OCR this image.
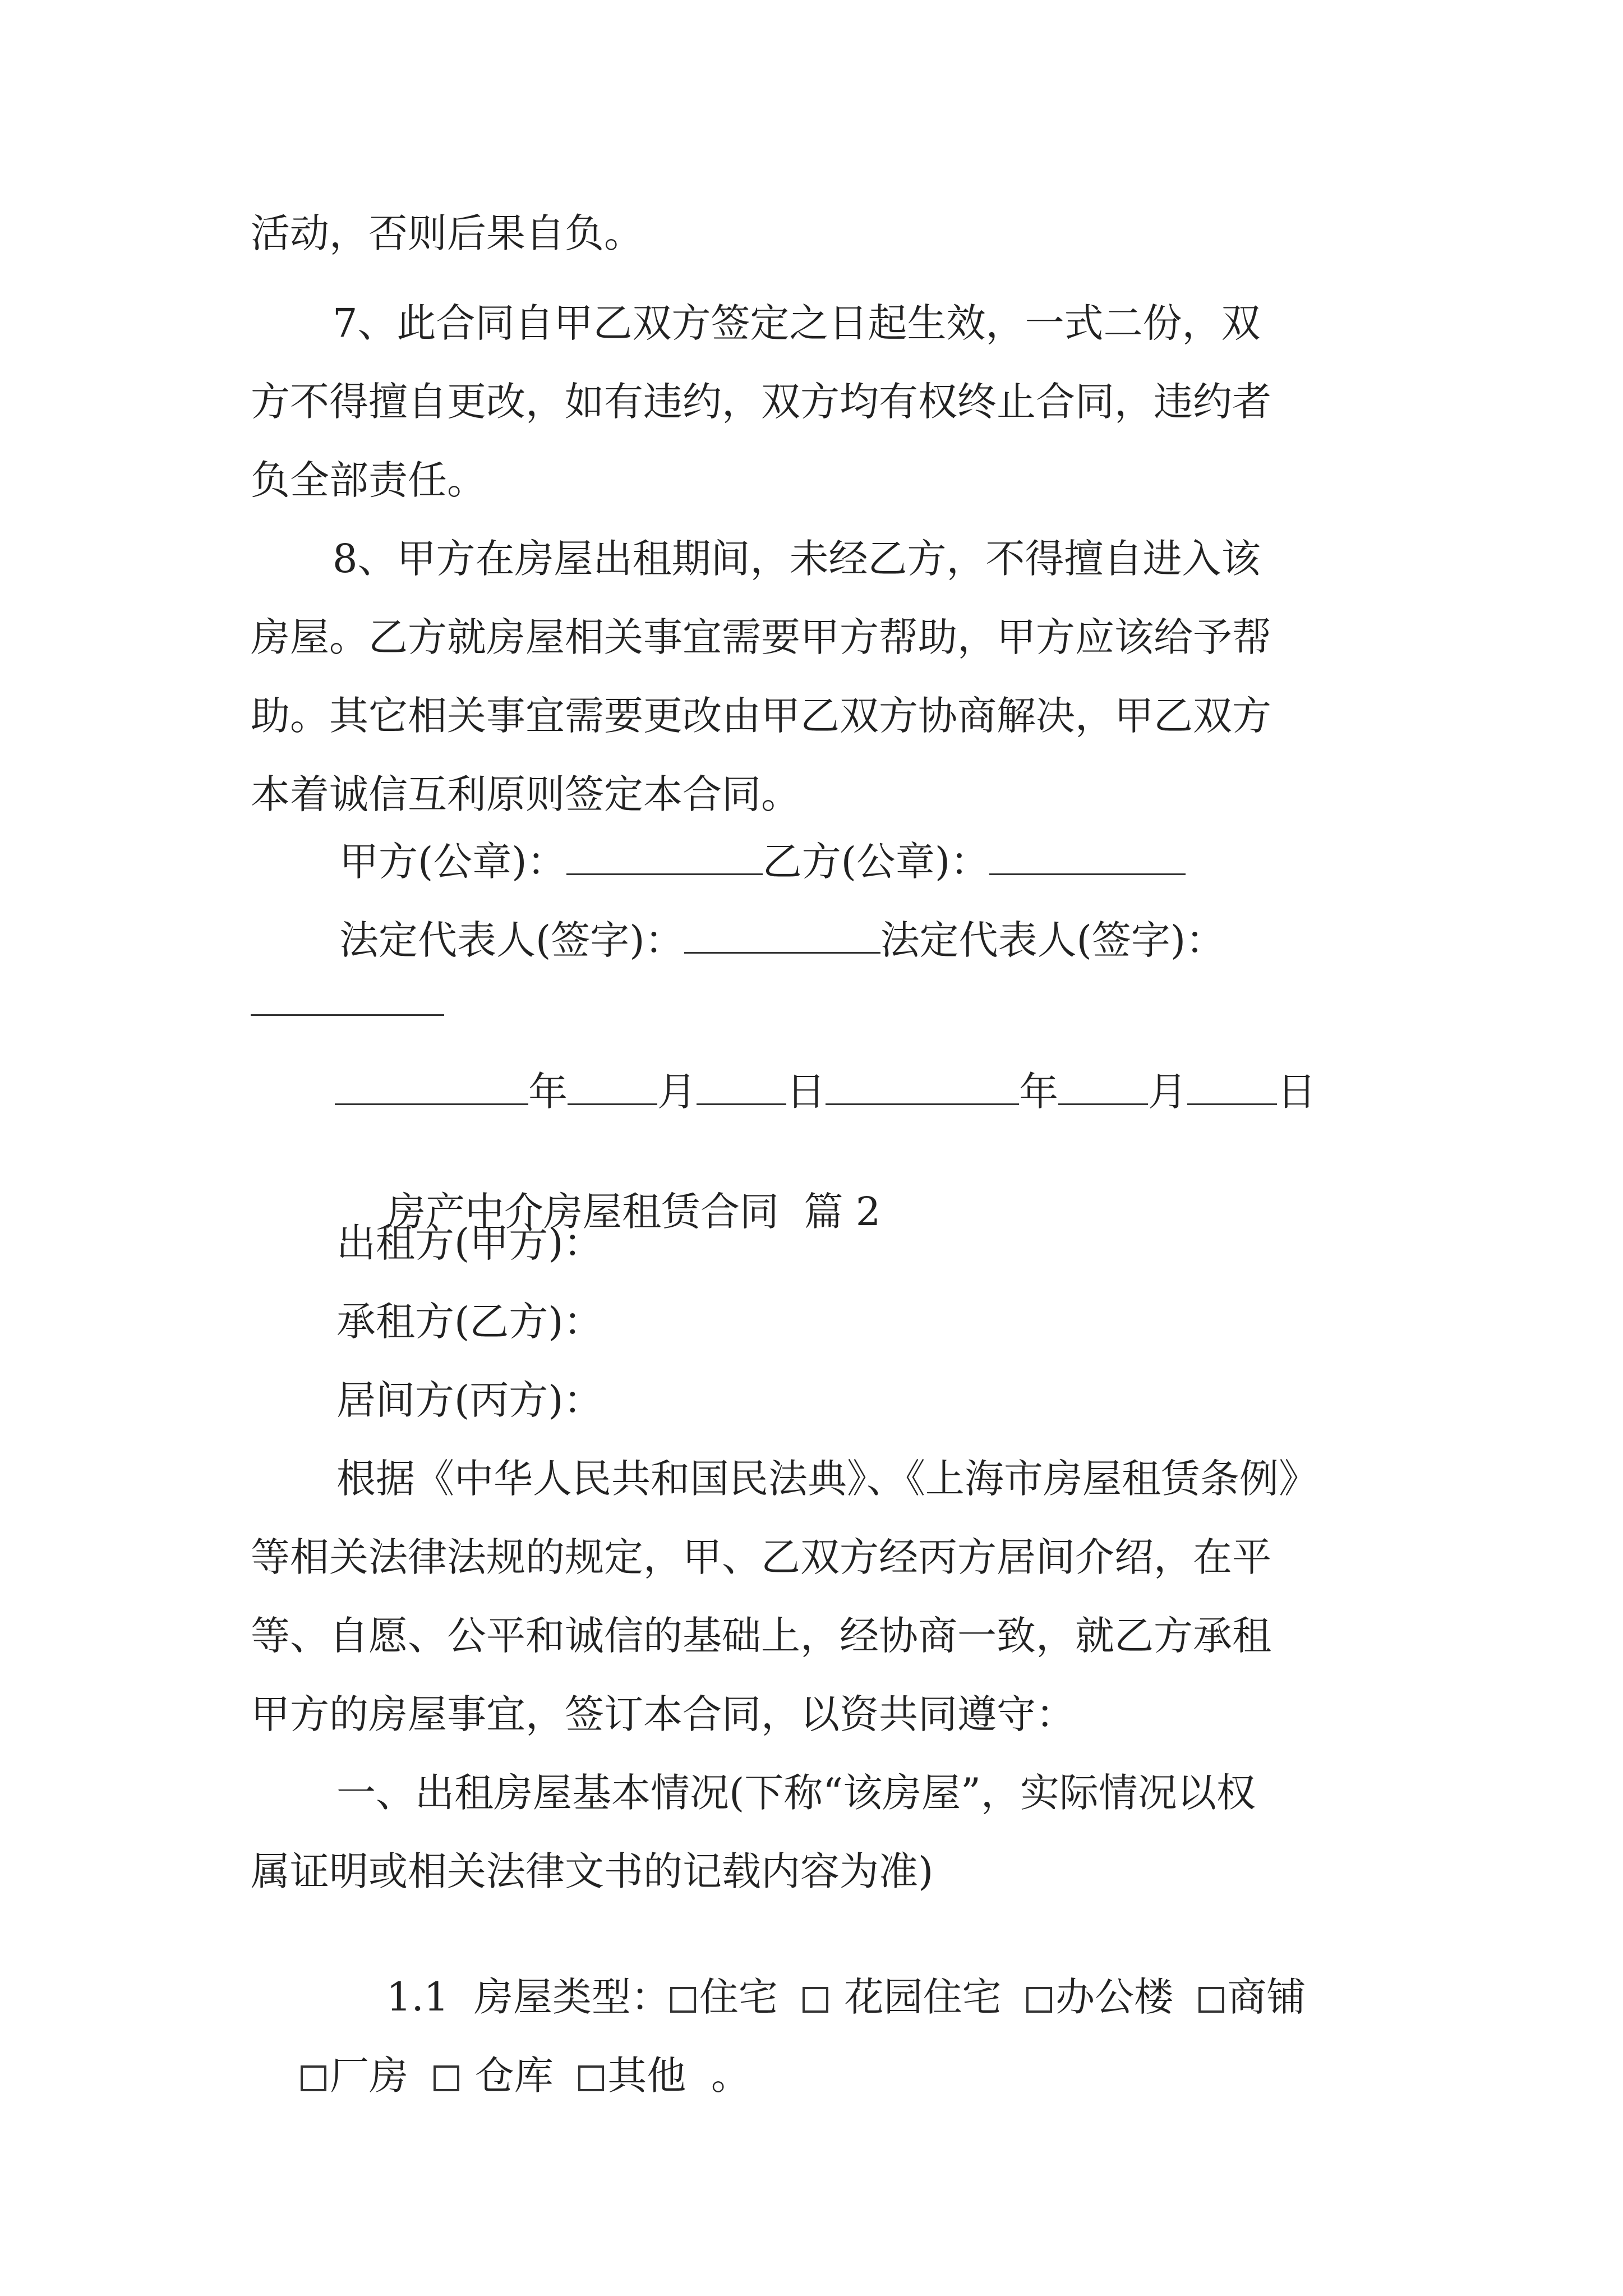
活动，否则后果自负。
7、此合同自甲乙双方签定之日起生效，一式二份，双
方不得擅自更改，如有违约，双方均有权终止合同，违约者
负全部责任。
8、甲方在房屋出租期间，未经乙方，不得擅自进入该
房屋。乙方就房屋相关事宜需要甲方帮助，甲方应该给予帮
助。其它相关事宜需要更改由甲乙双方协商解决，甲乙双方
本着诚信互利原则签定本合同。
甲方(公章)：	乙方(公章)：
法定代表人(签字)：	法定代表人(签字)：
年 月 日	年 月 日

房产中介房屋租赁合同  篇 2

出租方(甲方)：
承租方(乙方)：
居间方(丙方)：
根据《中华人民共和国民法典》、《上海市房屋租赁条例》
等相关法律法规的规定，甲、乙双方经丙方居间介绍，在平
等、自愿、公平和诚信的基础上，经协商一致，就乙方承租
甲方的房屋事宜，签订本合同，以资共同遵守：
一、出租房屋基本情况(下称“该房屋”，实际情况以权
属证明或相关法律文书的记载内容为准)

1.1  房屋类型： 住宅 花园住宅 办公楼 商铺

厂房 仓库 其他 。
